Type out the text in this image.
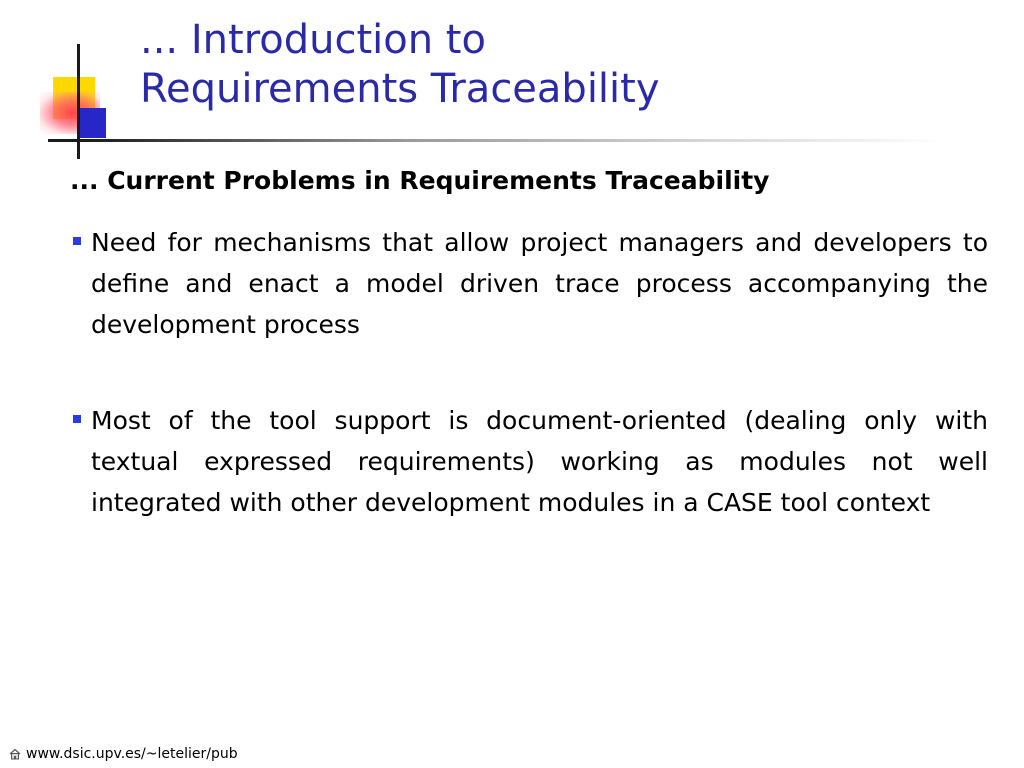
... Introduction to
Requirements Traceability
... Current Problems in Requirements Traceability
Need for mechanisms that allow project managers and developers to define and enact a model driven trace process accompanying the development process
Most of the tool support is document-oriented (dealing only with textual expressed requirements) working as modules not well integrated with other development modules in a CASE tool context
www.dsic.upv.es/~letelier/pub
